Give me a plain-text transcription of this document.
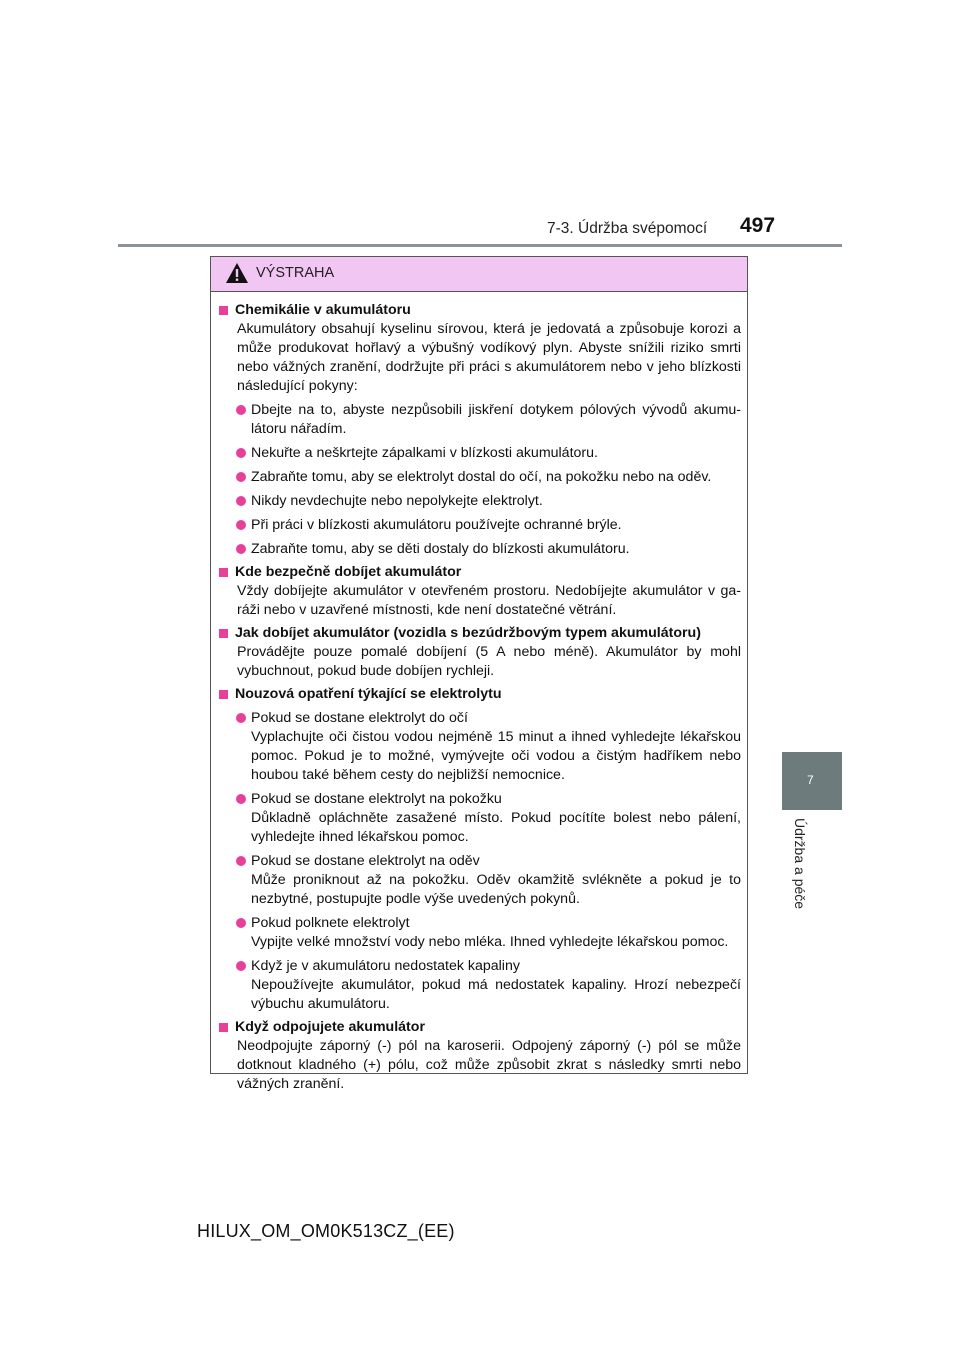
7-3. Údržba svépomocí 497
7
Údržba a péče
VÝSTRAHA
Chemikálie v akumulátoru
Akumulátory obsahují kyselinu sírovou, která je jedovatá a způsobuje korozi a může produkovat hořlavý a výbušný vodíkový plyn. Abyste snížili riziko smrti nebo vážných zranění, dodržujte při práci s akumulátorem nebo v jeho blízkosti následující pokyny:
Dbejte na to, abyste nezpůsobili jiskření dotykem pólových vývodů akumu-látoru nářadím.
Nekuřte a neškrtejte zápalkami v blízkosti akumulátoru.
Zabraňte tomu, aby se elektrolyt dostal do očí, na pokožku nebo na oděv.
Nikdy nevdechujte nebo nepolykejte elektrolyt.
Při práci v blízkosti akumulátoru používejte ochranné brýle.
Zabraňte tomu, aby se děti dostaly do blízkosti akumulátoru.
Kde bezpečně dobíjet akumulátor
Vždy dobíjejte akumulátor v otevřeném prostoru. Nedobíjejte akumulátor v ga-ráži nebo v uzavřené místnosti, kde není dostatečné větrání.
Jak dobíjet akumulátor (vozidla s bezúdržbovým typem akumulátoru)
Provádějte pouze pomalé dobíjení (5 A nebo méně). Akumulátor by mohl vybuchnout, pokud bude dobíjen rychleji.
Nouzová opatření týkající se elektrolytu
Pokud se dostane elektrolyt do očí
Vyplachujte oči čistou vodou nejméně 15 minut a ihned vyhledejte lékařskou pomoc. Pokud je to možné, vymývejte oči vodou a čistým hadříkem nebo houbou také během cesty do nejbližší nemocnice.
Pokud se dostane elektrolyt na pokožku
Důkladně opláchněte zasažené místo. Pokud pocítíte bolest nebo pálení, vyhledejte ihned lékařskou pomoc.
Pokud se dostane elektrolyt na oděv
Může proniknout až na pokožku. Oděv okamžitě svlékněte a pokud je to nezbytné, postupujte podle výše uvedených pokynů.
Pokud polknete elektrolyt
Vypijte velké množství vody nebo mléka. Ihned vyhledejte lékařskou pomoc.
Když je v akumulátoru nedostatek kapaliny
Nepoužívejte akumulátor, pokud má nedostatek kapaliny. Hrozí nebezpečí výbuchu akumulátoru.
Když odpojujete akumulátor
Neodpojujte záporný (-) pól na karoserii. Odpojený záporný (-) pól se může dotknout kladného (+) pólu, což může způsobit zkrat s následky smrti nebo vážných zranění.
HILUX_OM_OM0K513CZ_(EE)
